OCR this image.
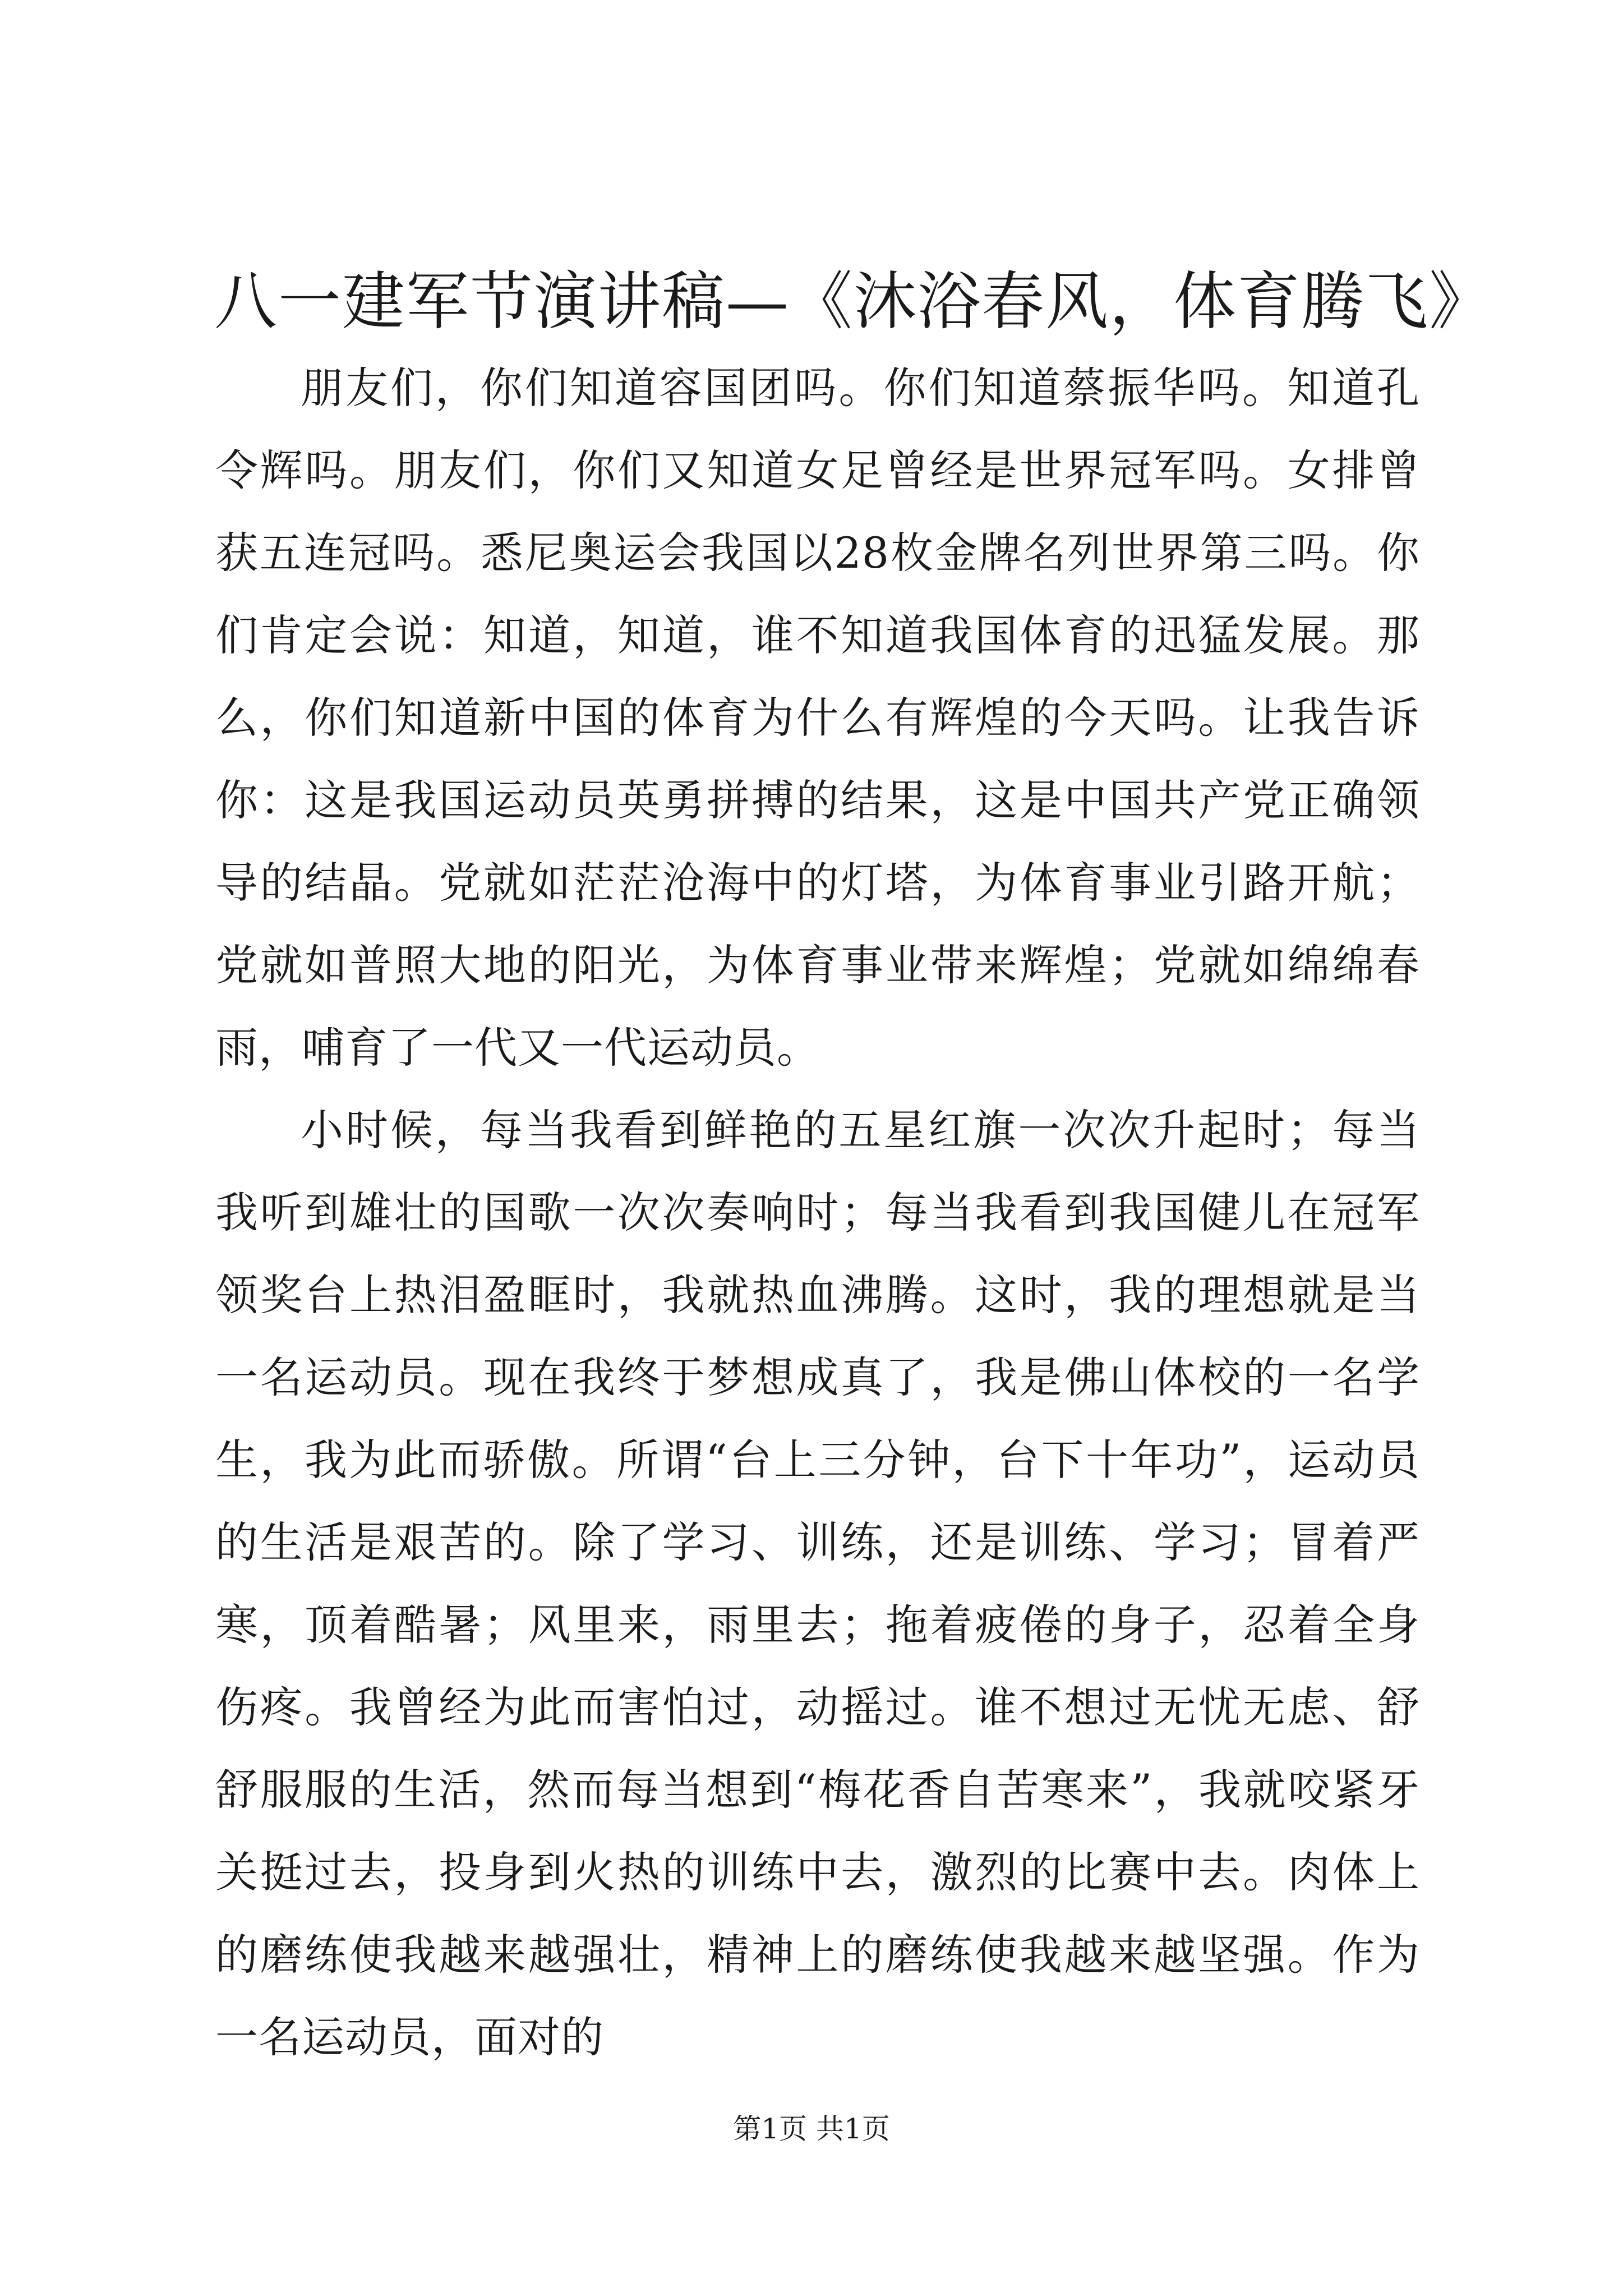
八一建军节演讲稿—《沐浴春风，体育腾飞》

朋友们，你们知道容国团吗。你们知道蔡振华吗。知道孔令辉吗。朋友们，你们又知道女足曾经是世界冠军吗。女排曾获五连冠吗。悉尼奥运会我国以28枚金牌名列世界第三吗。你们肯定会说：知道，知道，谁不知道我国体育的迅猛发展。那么，你们知道新中国的体育为什么有辉煌的今天吗。让我告诉你：这是我国运动员英勇拼搏的结果，这是中国共产党正确领导的结晶。党就如茫茫沧海中的灯塔，为体育事业引路开航；党就如普照大地的阳光，为体育事业带来辉煌；党就如绵绵春雨，哺育了一代又一代运动员。

小时候，每当我看到鲜艳的五星红旗一次次升起时；每当我听到雄壮的国歌一次次奏响时；每当我看到我国健儿在冠军领奖台上热泪盈眶时，我就热血沸腾。这时，我的理想就是当一名运动员。现在我终于梦想成真了，我是佛山体校的一名学生，我为此而骄傲。所谓“台上三分钟，台下十年功”，运动员的生活是艰苦的。除了学习、训练，还是训练、学习；冒着严寒，顶着酷暑；风里来，雨里去；拖着疲倦的身子，忍着全身伤疼。我曾经为此而害怕过，动摇过。谁不想过无忧无虑、舒舒服服的生活，然而每当想到“梅花香自苦寒来”，我就咬紧牙关挺过去，投身到火热的训练中去，激烈的比赛中去。肉体上的磨练使我越来越强壮，精神上的磨练使我越来越坚强。作为一名运动员，面对的

第1页 共1页
